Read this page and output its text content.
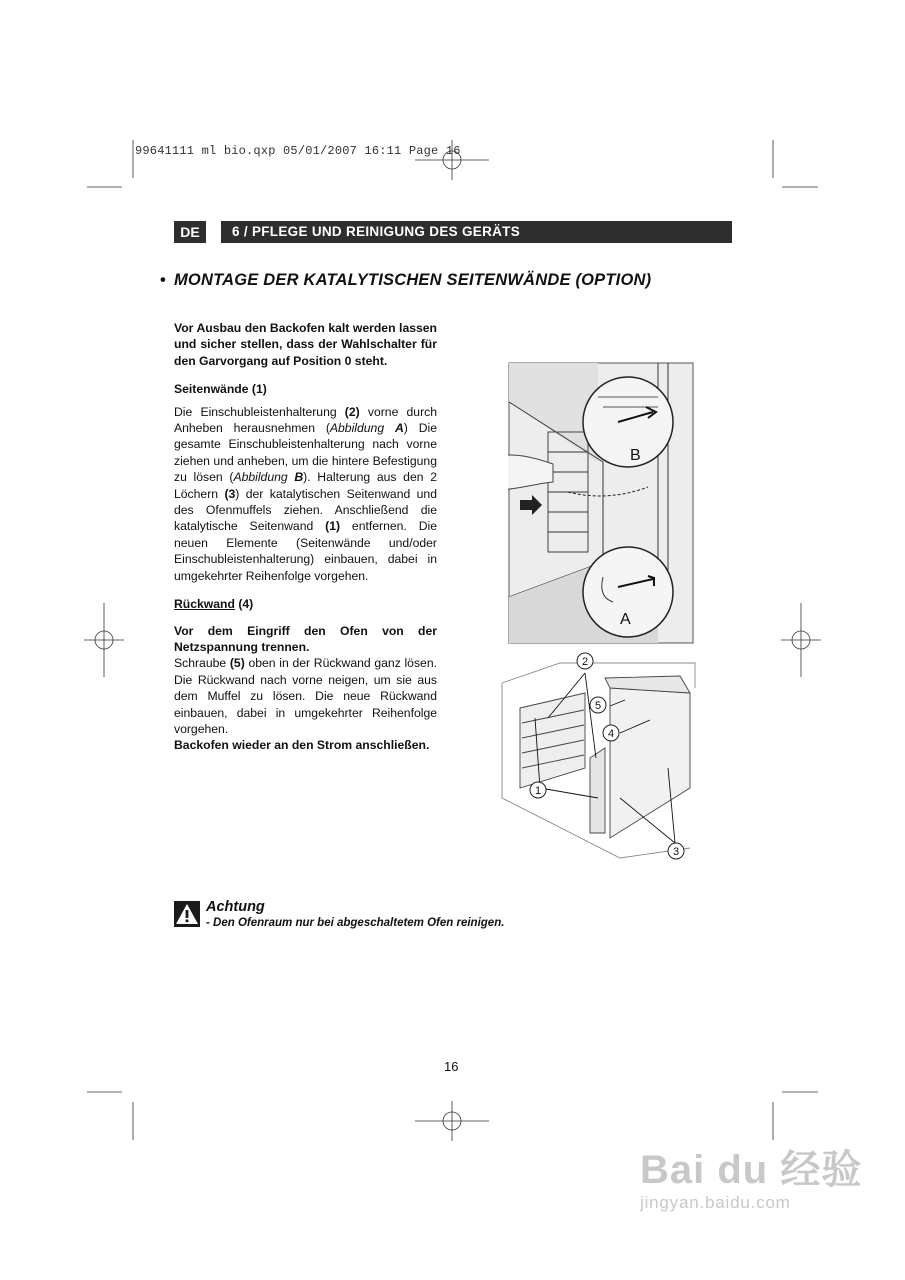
99641111 ml bio.qxp 05/01/2007 16:11 Page 16
DE	6 / PFLEGE UND REINIGUNG DES GERÄTS
• MONTAGE DER KATALYTISCHEN SEITENWÄNDE (OPTION)

Vor Ausbau den Backofen kalt werden lassen und sicher stellen, dass der Wahlschalter für den Garvorgang auf Position 0 steht.

Seitenwände (1)

Die Einschubleistenhalterung (2) vorne durch Anheben herausnehmen (Abbildung A) Die gesamte Einschubleistenhalterung nach vorne ziehen und anheben, um die hintere Befestigung zu lösen (Abbildung B). Halterung aus den 2 Löchern (3) der katalytischen Seitenwand und des Ofenmuffels ziehen. Anschließend die katalytische Seitenwand (1) entfernen. Die neuen Elemente (Seitenwände und/oder Einschubleistenhalterung) einbauen, dabei in umgekehrter Reihenfolge vorgehen.

Rückwand (4)

Vor dem Eingriff den Ofen von der Netzspannung trennen.

Schraube (5) oben in der Rückwand ganz lösen. Die Rückwand nach vorne neigen, um sie aus dem Muffel zu lösen. Die neue Rückwand einbauen, dabei in umgekehrter Reihenfolge vorgehen.

Backofen wieder an den Strom anschließen.

B
A
1
2
3
4
5
Achtung
- Den Ofenraum nur bei abgeschaltetem Ofen reinigen.
16
Bai du 经验
jingyan.baidu.com
